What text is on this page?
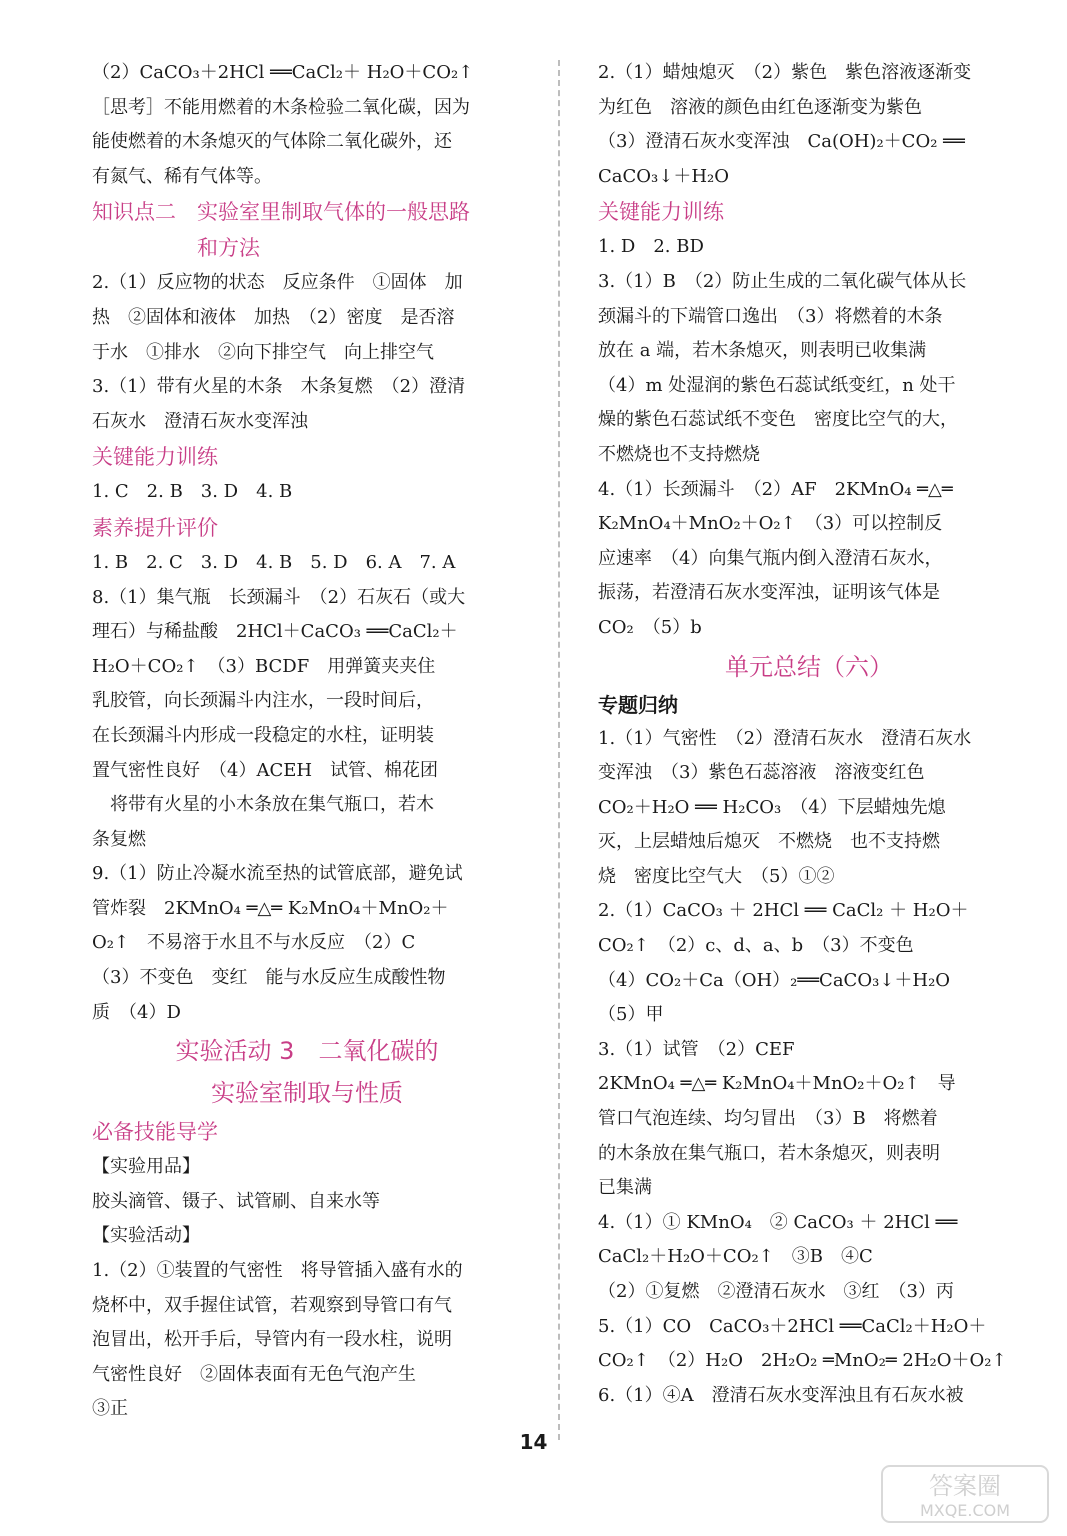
（2）CaCO₃＋2HCl ══CaCl₂＋ H₂O＋CO₂↑
［思考］不能用燃着的木条检验二氧化碳，因为
能使燃着的木条熄灭的气体除二氧化碳外，还
有氮气、稀有气体等。
知识点二　实验室里制取气体的一般思路
　　　　　和方法
2.（1）反应物的状态　反应条件　①固体　加
热　②固体和液体　加热　（2）密度　是否溶
于水　①排水　②向下排空气　向上排空气
3.（1）带有火星的木条　木条复燃　（2）澄清
石灰水　澄清石灰水变浑浊
关键能力训练
1. C　2. B　3. D　4. B
素养提升评价
1. B　2. C　3. D　4. B　5. D　6. A　7. A
8.（1）集气瓶　长颈漏斗　（2）石灰石（或大
理石）与稀盐酸　2HCl＋CaCO₃ ══CaCl₂＋
H₂O＋CO₂↑　（3）BCDF　用弹簧夹夹住
乳胶管，向长颈漏斗内注水，一段时间后，
在长颈漏斗内形成一段稳定的水柱，证明装
置气密性良好　（4）ACEH　试管、棉花团
　将带有火星的小木条放在集气瓶口，若木
条复燃
9.（1）防止冷凝水流至热的试管底部，避免试
管炸裂　2KMnO₄ ═△═ K₂MnO₄＋MnO₂＋
O₂↑　不易溶于水且不与水反应　（2）C
（3）不变色　变红　能与水反应生成酸性物
质　（4）D
实验活动 3　二氧化碳的
实验室制取与性质
必备技能导学
【实验用品】
胶头滴管、镊子、试管刷、自来水等
【实验活动】
1.（2）①装置的气密性　将导管插入盛有水的
烧杯中，双手握住试管，若观察到导管口有气
泡冒出，松开手后，导管内有一段水柱，说明
气密性良好　②固体表面有无色气泡产生
③正
2.（1）蜡烛熄灭　（2）紫色　紫色溶液逐渐变
为红色　溶液的颜色由红色逐渐变为紫色
（3）澄清石灰水变浑浊　Ca(OH)₂＋CO₂ ══
CaCO₃↓＋H₂O
关键能力训练
1. D　2. BD
3.（1）B　（2）防止生成的二氧化碳气体从长
颈漏斗的下端管口逸出　（3）将燃着的木条
放在 a 端，若木条熄灭，则表明已收集满
（4）m 处湿润的紫色石蕊试纸变红，n 处干
燥的紫色石蕊试纸不变色　密度比空气的大，
不燃烧也不支持燃烧
4.（1）长颈漏斗　（2）AF　2KMnO₄ ═△═
K₂MnO₄＋MnO₂＋O₂↑　（3）可以控制反
应速率　（4）向集气瓶内倒入澄清石灰水，
振荡，若澄清石灰水变浑浊，证明该气体是
CO₂　（5）b
单元总结（六）
专题归纳
1.（1）气密性　（2）澄清石灰水　澄清石灰水
变浑浊　（3）紫色石蕊溶液　溶液变红色
CO₂＋H₂O ══ H₂CO₃　（4）下层蜡烛先熄
灭，上层蜡烛后熄灭　不燃烧　也不支持燃
烧　密度比空气大　（5）①②
2.（1）CaCO₃ ＋ 2HCl ══ CaCl₂ ＋ H₂O＋
CO₂↑　（2）c、d、a、b　（3）不变色
（4）CO₂＋Ca（OH）₂══CaCO₃↓＋H₂O
（5）甲
3.（1）试管　（2）CEF
2KMnO₄ ═△═ K₂MnO₄＋MnO₂＋O₂↑　导
管口气泡连续、均匀冒出　（3）B　将燃着
的木条放在集气瓶口，若木条熄灭，则表明
已集满
4.（1）① KMnO₄　② CaCO₃ ＋ 2HCl ══
CaCl₂＋H₂O＋CO₂↑　③B　④C
（2）①复燃　②澄清石灰水　③红　（3）丙
5.（1）CO　CaCO₃＋2HCl ══CaCl₂＋H₂O＋
CO₂↑　（2）H₂O　2H₂O₂ ═MnO₂═ 2H₂O＋O₂↑
6.（1）④A　澄清石灰水变浑浊且有石灰水被
14
答案圈
MXQE.COM
